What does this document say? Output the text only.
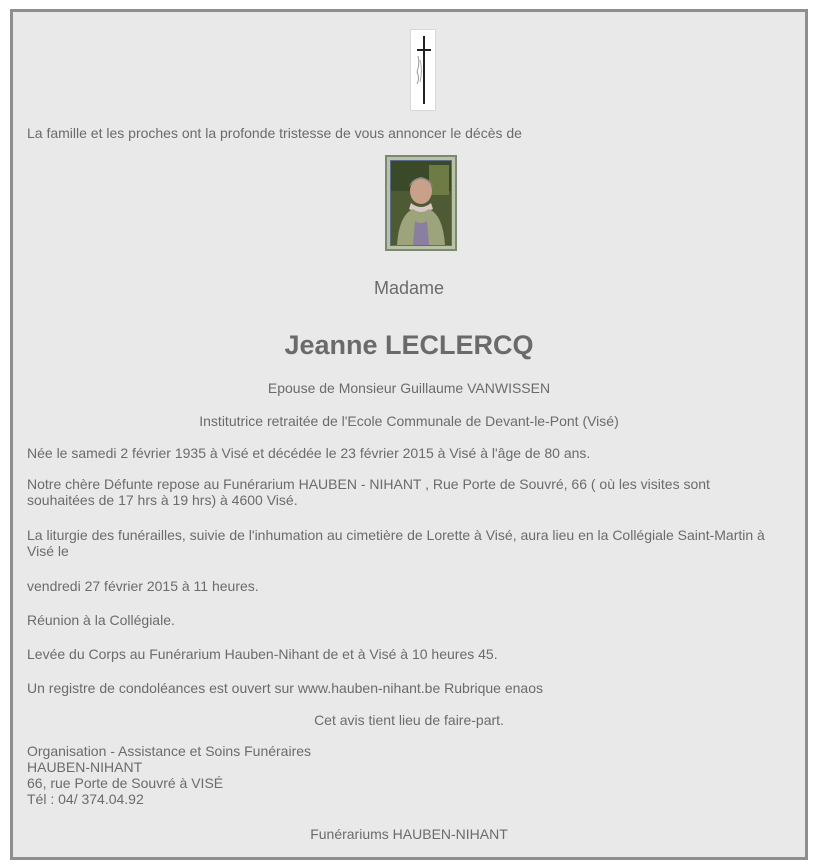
La famille et les proches ont la profonde tristesse de vous annoncer le décès de
Madame
Jeanne LECLERCQ
Epouse de Monsieur Guillaume VANWISSEN
Institutrice retraitée de l'Ecole Communale de Devant-le-Pont (Visé)
Née le samedi 2 février 1935 à Visé et décédée le 23 février 2015 à Visé à l'âge de 80 ans.
Notre chère Défunte repose au Funérarium HAUBEN - NIHANT , Rue Porte de Souvré, 66 ( où les visites sont
souhaitées de 17 hrs à 19 hrs) à 4600 Visé.
La liturgie des funérailles, suivie de l'inhumation au cimetière de Lorette à Visé, aura lieu en la Collégiale Saint-Martin à
Visé le
vendredi 27 février 2015 à 11 heures.
Réunion à la Collégiale.
Levée du Corps au Funérarium Hauben-Nihant de et à Visé à 10 heures 45.
Un registre de condoléances est ouvert sur www.hauben-nihant.be Rubrique enaos
Cet avis tient lieu de faire-part.
Organisation - Assistance et Soins Funéraires
HAUBEN-NIHANT
66, rue Porte de Souvré à VISÉ
Tél : 04/ 374.04.92
Funérariums HAUBEN-NIHANT
